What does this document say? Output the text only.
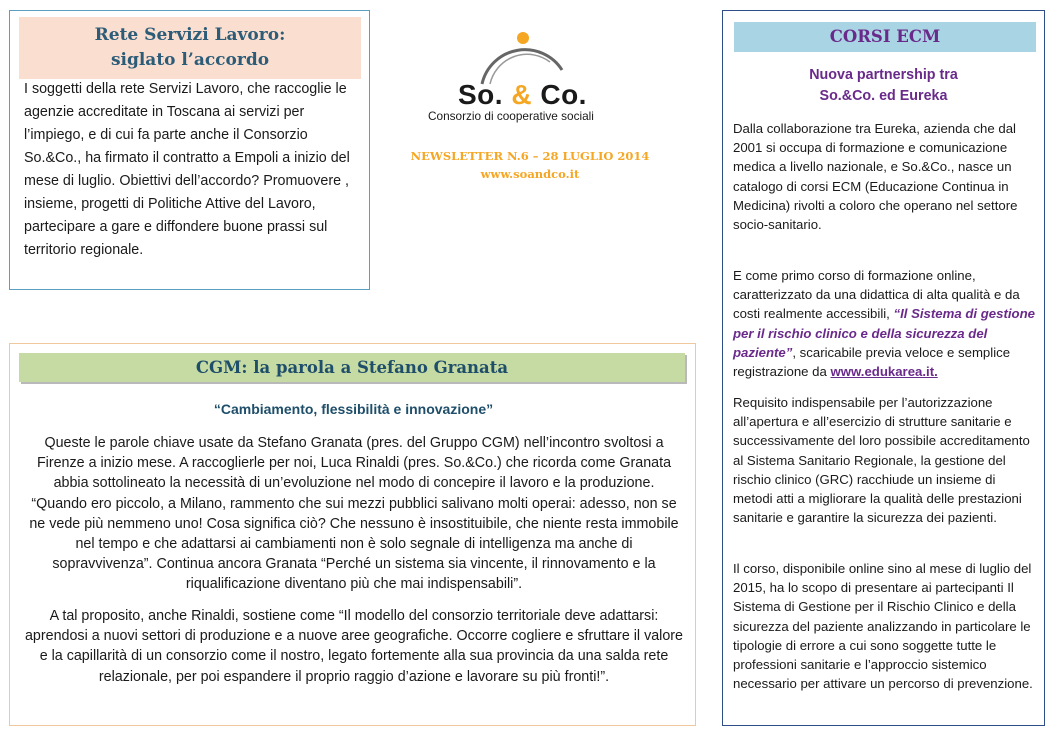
Rete Servizi Lavoro:
siglato l’accordo
I soggetti della rete Servizi Lavoro, che raccoglie le agenzie accreditate in Toscana ai servizi per l’impiego, e di cui fa parte anche il Consorzio So.&Co., ha firmato il contratto a Empoli a inizio del mese di luglio. Obiettivi dell’accordo? Promuovere , insieme, progetti di Politiche Attive del Lavoro, partecipare a gare e diffondere buone prassi sul territorio regionale.
So. & Co.
Consorzio di cooperative sociali
NEWSLETTER N.6 – 28 LUGLIO 2014
www.soandco.it
CGM: la parola a Stefano Granata
“Cambiamento, flessibilità e innovazione”
Queste le parole chiave usate da Stefano Granata (pres. del Gruppo CGM) nell’incontro svoltosi a Firenze a inizio mese. A raccoglierle per noi, Luca Rinaldi (pres. So.&Co.) che ricorda come Granata abbia sottolineato la necessità di un’evoluzione nel modo di concepire il lavoro e la produzione. “Quando ero piccolo, a Milano, rammento che sui mezzi pubblici salivano molti operai: adesso, non se ne vede più nemmeno uno! Cosa significa ciò? Che nessuno è insostituibile, che niente resta immobile nel tempo e che adattarsi ai cambiamenti non è solo segnale di intelligenza ma anche di sopravvivenza”. Continua ancora Granata “Perché un sistema sia vincente, il rinnovamento e la riqualificazione diventano più che mai indispensabili”.
A tal proposito, anche Rinaldi, sostiene come “Il modello del consorzio territoriale deve adattarsi: aprendosi a nuovi settori di produzione e a nuove aree geografiche. Occorre cogliere e sfruttare il valore e la capillarità di un consorzio come il nostro, legato fortemente alla sua provincia da una salda rete relazionale, per poi espandere il proprio raggio d’azione e lavorare su più fronti!”.
CORSI ECM
Nuova partnership tra
So.&Co. ed Eureka
Dalla collaborazione tra Eureka, azienda che dal 2001 si occupa di formazione e comunicazione medica a livello nazionale, e So.&Co., nasce un catalogo di corsi ECM (Educazione Continua in Medicina) rivolti a coloro che operano nel settore socio-sanitario.
E come primo corso di formazione online, caratterizzato da una didattica di alta qualità e da costi realmente accessibili, “Il Sistema di gestione per il rischio clinico e della sicurezza del paziente”, scaricabile previa veloce e semplice registrazione da www.edukarea.it.
Requisito indispensabile per l’autorizzazione all’apertura e all’esercizio di strutture sanitarie e successivamente del loro possibile accreditamento al Sistema Sanitario Regionale, la gestione del rischio clinico (GRC) racchiude un insieme di metodi atti a migliorare la qualità delle prestazioni sanitarie e garantire la sicurezza dei pazienti.
Il corso, disponibile online sino al mese di luglio del 2015, ha lo scopo di presentare ai partecipanti Il Sistema di Gestione per il Rischio Clinico e della sicurezza del paziente analizzando in particolare le tipologie di errore a cui sono soggette tutte le professioni sanitarie e l’approccio sistemico necessario per attivare un percorso di prevenzione.
